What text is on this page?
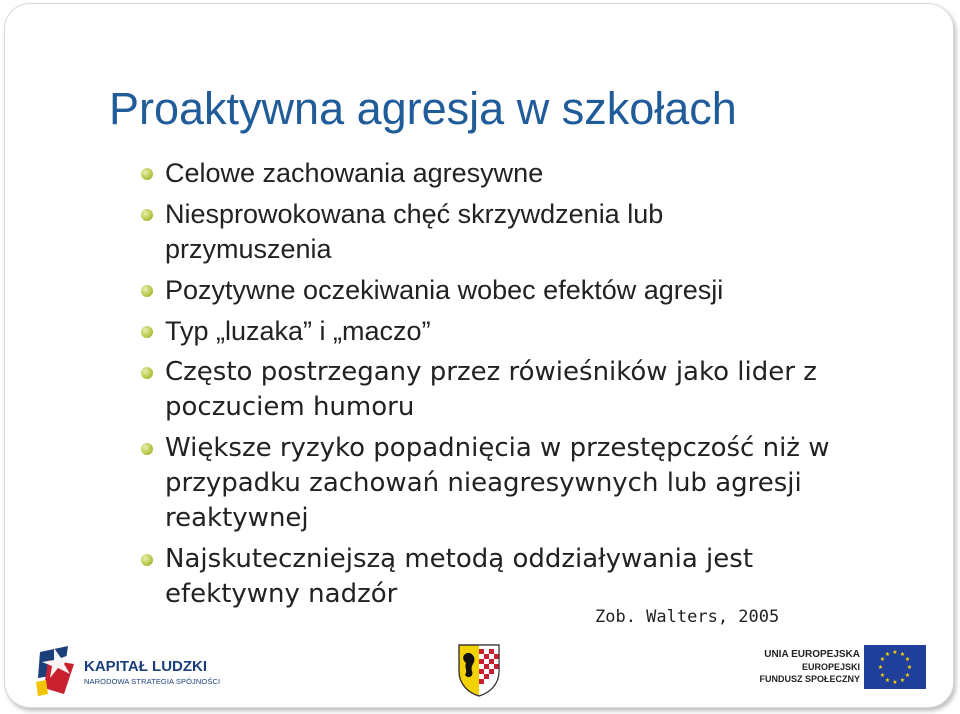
Proaktywna agresja w szkołach
Celowe zachowania agresywne
Niesprowokowana chęć skrzywdzenia lub przymuszenia
Pozytywne oczekiwania wobec efektów agresji
Typ „luzaka” i „maczo”
Często postrzegany przez rówieśników jako lider z poczuciem humoru
Większe ryzyko popadnięcia w przestępczość niż w przypadku zachowań nieagresywnych lub agresji reaktywnej
Najskuteczniejszą metodą oddziaływania jest efektywny nadzór
Zob. Walters, 2005
KAPITAŁ LUDZKI
NARODOWA STRATEGIA SPÓJNOŚCI
UNIA EUROPEJSKA
EUROPEJSKI
FUNDUSZ SPOŁECZNY
★ ★
★
★
★
★
★
★
★
★
★
★
